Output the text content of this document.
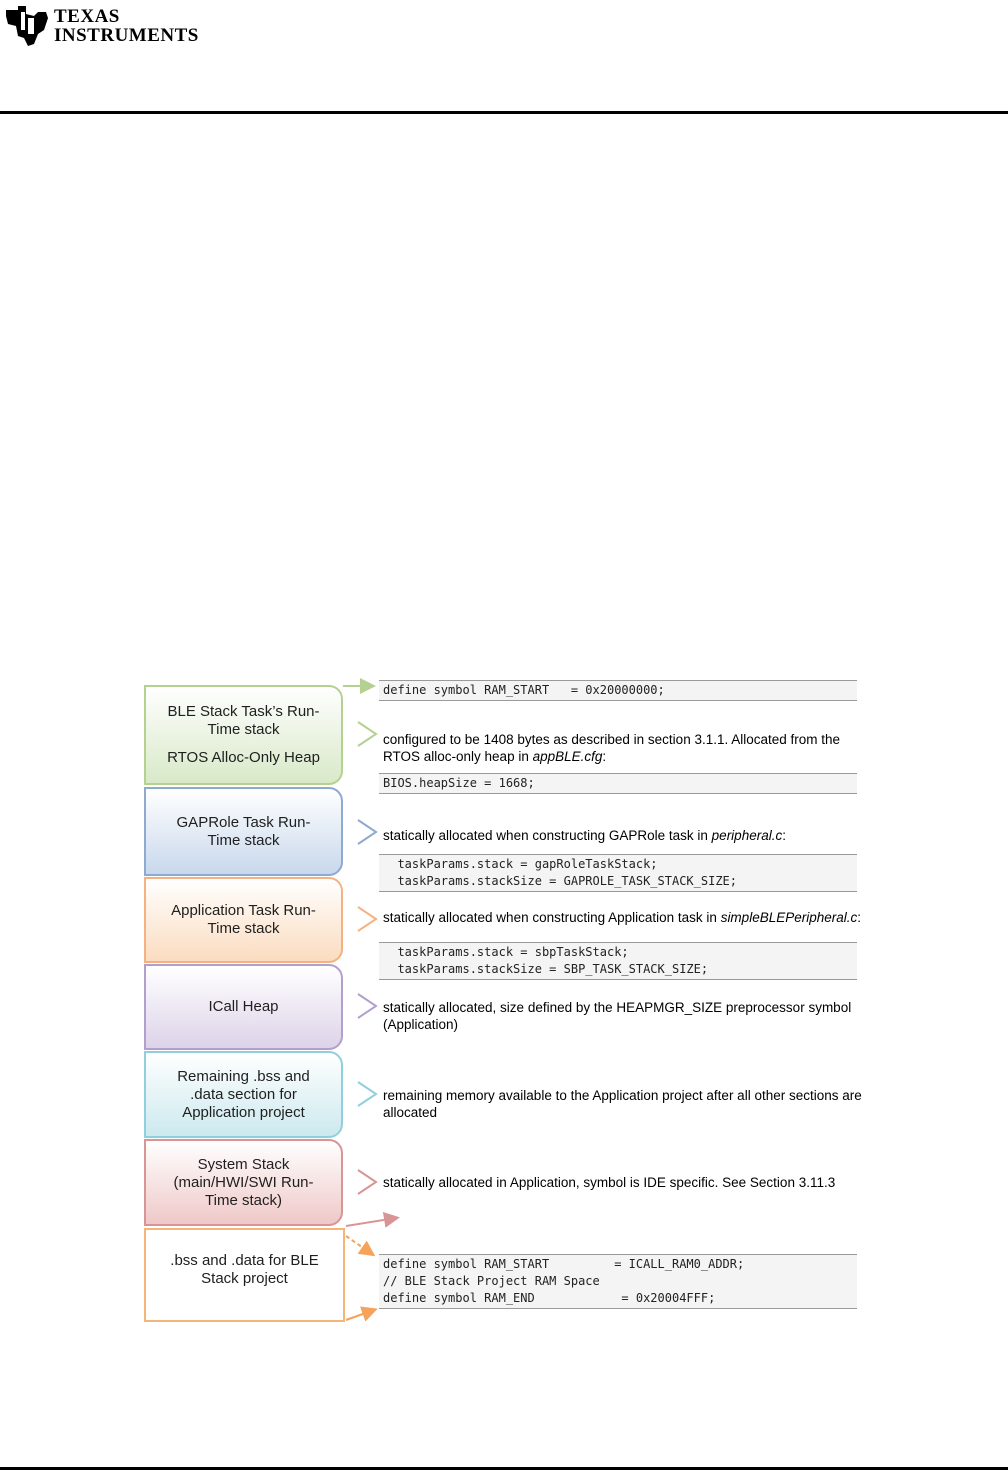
TEXAS
INSTRUMENTS
BLE Stack Task’s Run-
Time stack
RTOS Alloc-Only Heap
GAPRole Task Run-
Time stack
Application Task Run-
Time stack
ICall Heap
Remaining .bss and
.data section for
Application project
System Stack
(main/HWI/SWI Run-
Time stack)
.bss and .data for BLE
Stack project
define symbol RAM_START   = 0x20000000;
configured to be 1408 bytes as described in section 3.1.1. Allocated from the RTOS alloc-only heap in appBLE.cfg:
BIOS.heapSize = 1668;
statically allocated when constructing GAPRole task in peripheral.c:
taskParams.stack = gapRoleTaskStack;
taskParams.stackSize = GAPROLE_TASK_STACK_SIZE;
statically allocated when constructing Application task in simpleBLEPeripheral.c:
taskParams.stack = sbpTaskStack;
taskParams.stackSize = SBP_TASK_STACK_SIZE;
statically allocated, size defined by the HEAPMGR_SIZE preprocessor symbol (Application)
remaining memory available to the Application project after all other sections are allocated
statically allocated in Application, symbol is IDE specific. See Section 3.11.3
define symbol RAM_START         = ICALL_RAM0_ADDR;
// BLE Stack Project RAM Space
define symbol RAM_END            = 0x20004FFF;
